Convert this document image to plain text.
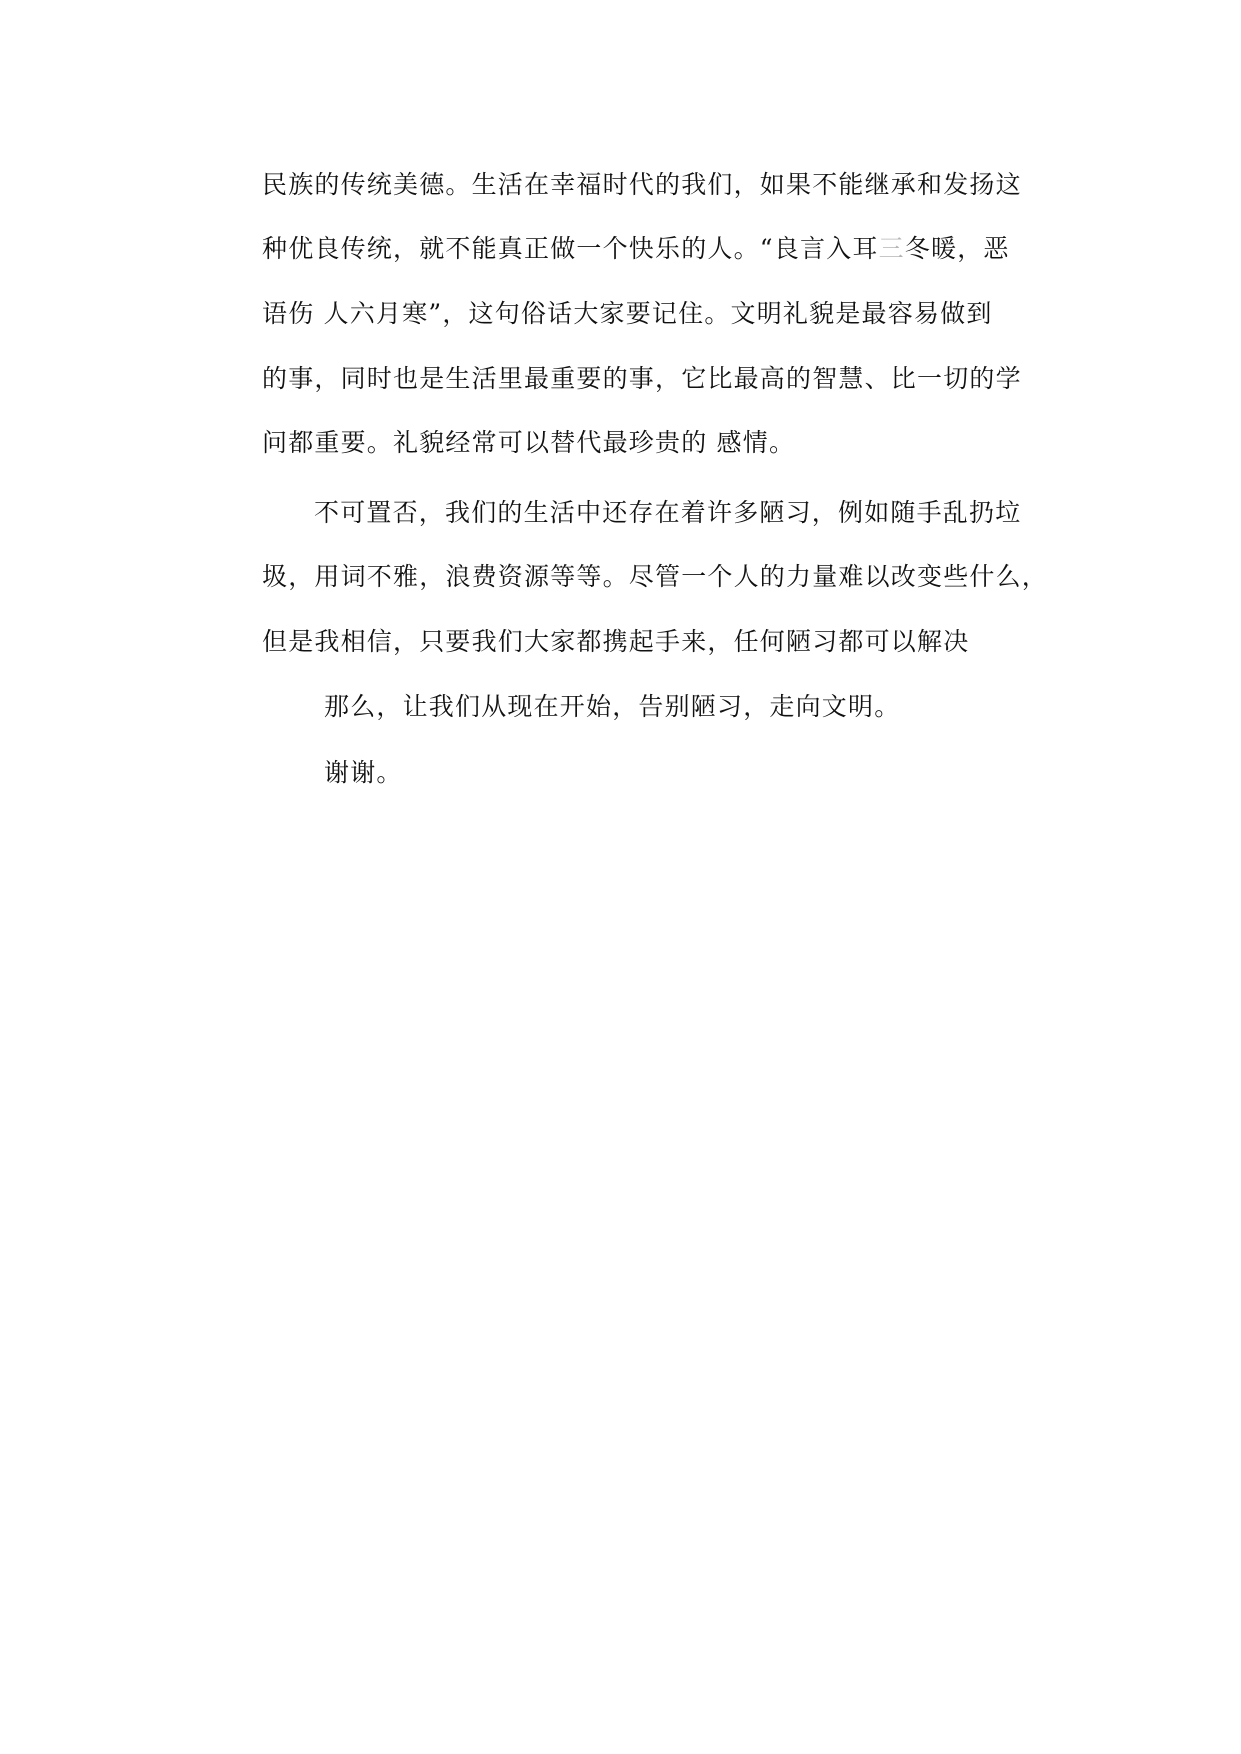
民族的传统美德。生活在幸福时代的我们，如果不能继承和发扬这
种优良传统，就不能真正做一个快乐的人。“良言入耳三冬暖，恶
语伤 人六月寒”，这句俗话大家要记住。文明礼貌是最容易做到
的事，同时也是生活里最重要的事，它比最高的智慧、比一切的学
问都重要。礼貌经常可以替代最珍贵的 感情。
不可置否，我们的生活中还存在着许多陋习，例如随手乱扔垃
圾，用词不雅，浪费资源等等。尽管一个人的力量难以改变些什么，
但是我相信，只要我们大家都携起手来，任何陋习都可以解决
那么，让我们从现在开始，告别陋习，走向文明。
谢谢。
